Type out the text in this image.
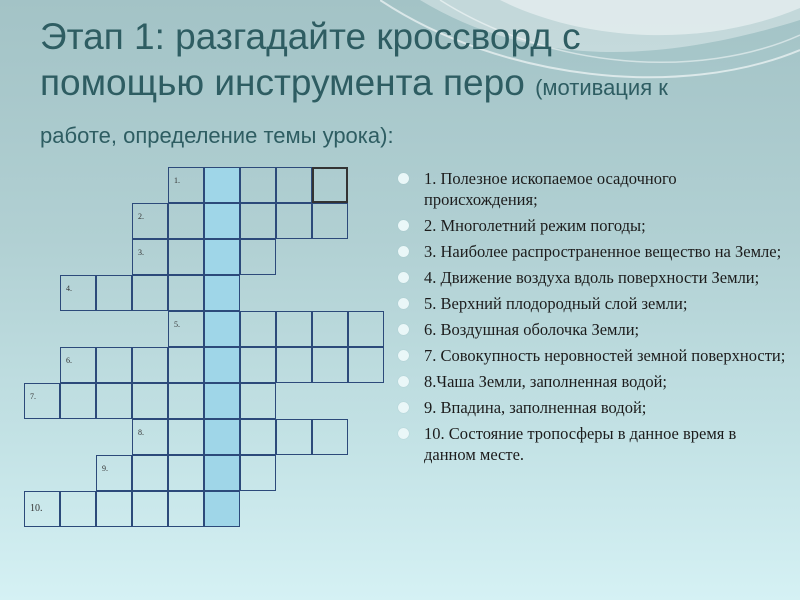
Этап 1: разгадайте кроссворд с
помощью инструмента перо (мотивация к
работе, определение темы урока):
1.
2.
3.
4.
5.
6.
7.
8.
9.
10.
1. Полезное ископаемое осадочного происхождения;
2. Многолетний режим погоды;
3. Наиболее распространенное вещество на Земле;
4. Движение воздуха вдоль поверхности Земли;
5. Верхний плодородный слой земли;
6. Воздушная оболочка Земли;
7. Совокупность неровностей земной поверхности;
8.Чаша Земли, заполненная водой;
9. Впадина, заполненная водой;
10. Состояние тропосферы в данное время в данном месте.
